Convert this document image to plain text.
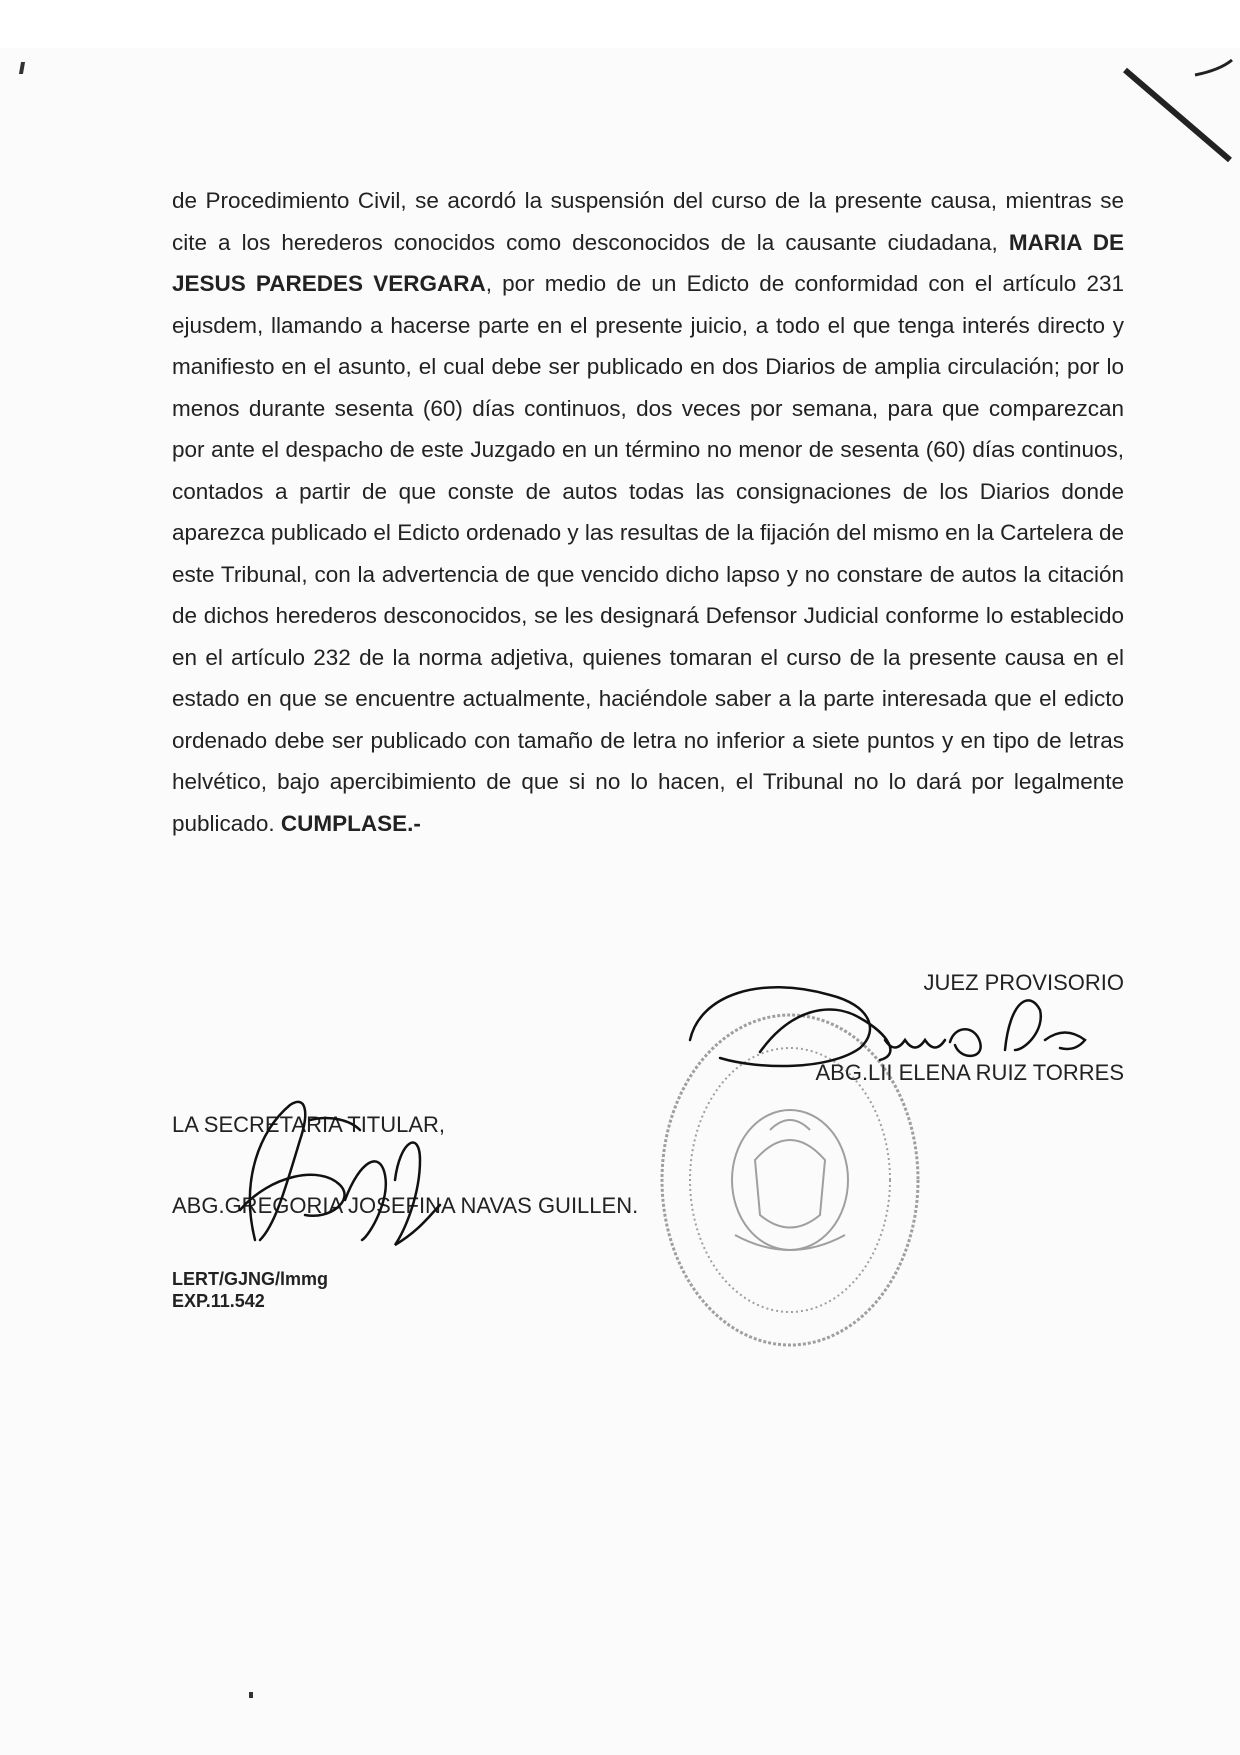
de Procedimiento Civil, se acordó la suspensión del curso de la presente causa, mientras se cite a los herederos conocidos como desconocidos de la causante ciudadana, MARIA DE JESUS PAREDES VERGARA, por medio de un Edicto de conformidad con el artículo 231 ejusdem, llamando a hacerse parte en el presente juicio, a todo el que tenga interés directo y manifiesto en el asunto, el cual debe ser publicado en dos Diarios de amplia circulación; por lo menos durante sesenta (60) días continuos, dos veces por semana, para que comparezcan por ante el despacho de este Juzgado en un término no menor de sesenta (60) días continuos, contados a partir de que conste de autos todas las consignaciones de los Diarios donde aparezca publicado el Edicto ordenado y las resultas de la fijación del mismo en la Cartelera de este Tribunal, con la advertencia de que vencido dicho lapso y no constare de autos la citación de dichos herederos desconocidos, se les designará Defensor Judicial conforme lo establecido en el artículo 232 de la norma adjetiva, quienes tomaran el curso de la presente causa en el estado en que se encuentre actualmente, haciéndole saber a la parte interesada que el edicto ordenado debe ser publicado con tamaño de letra no inferior a siete puntos y en tipo de letras helvético, bajo apercibimiento de que si no lo hacen, el Tribunal no lo dará por legalmente publicado. CUMPLASE.-
JUEZ PROVISORIO
ABG.LII ELENA RUIZ TORRES
LA SECRETARIA TITULAR,
ABG.GREGORIA JOSEFINA NAVAS GUILLEN.
LERT/GJNG/lmmg
EXP.11.542
